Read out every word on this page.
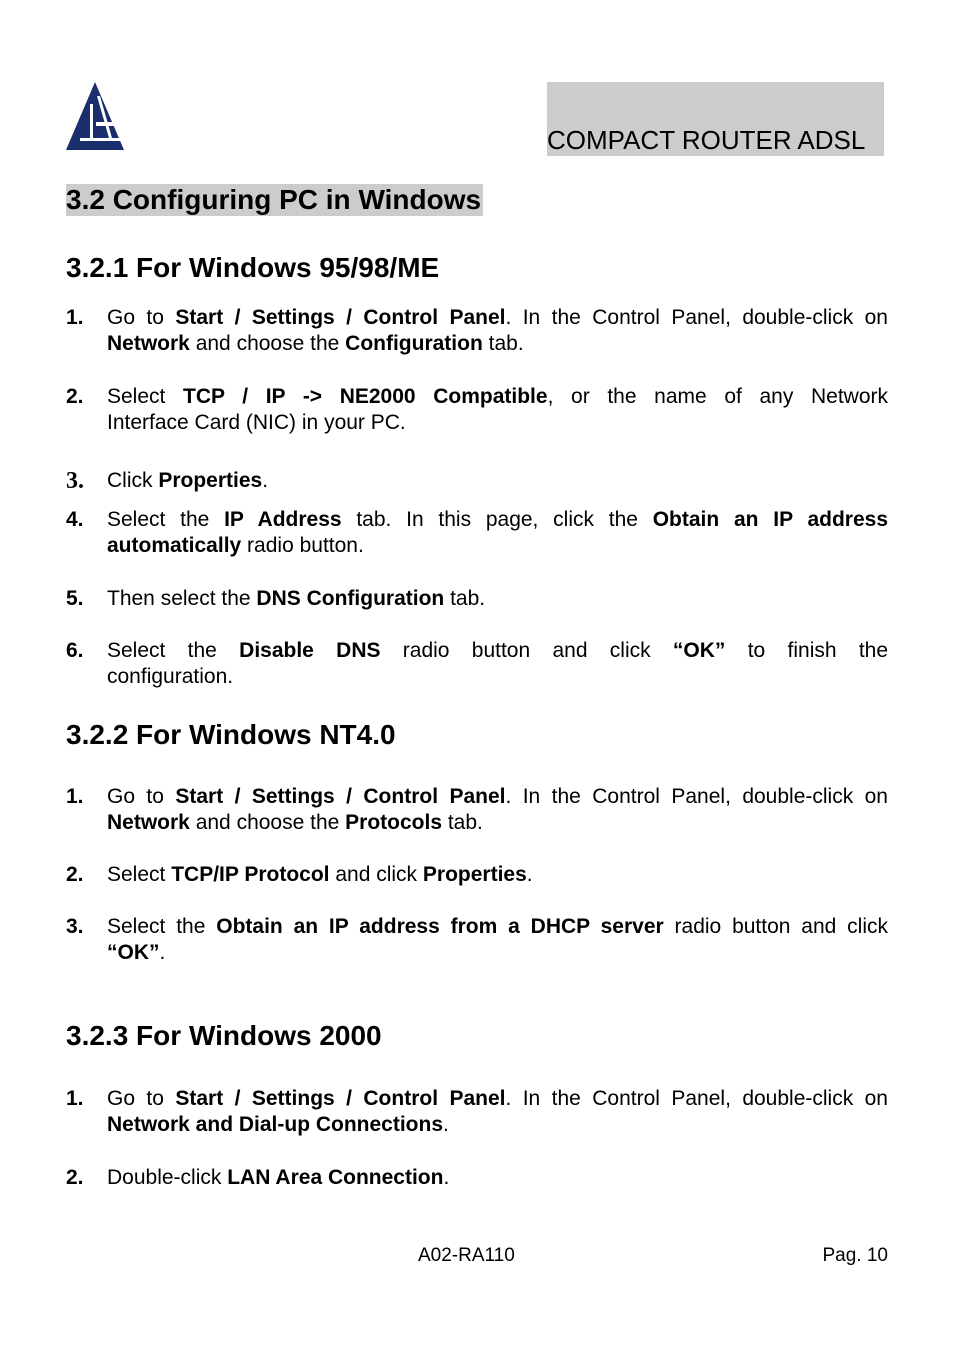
COMPACT ROUTER ADSL
3.2 Configuring PC in Windows
3.2.1 For Windows 95/98/ME
1. Go to Start / Settings / Control Panel. In the Control Panel, double-click on
Network and choose the Configuration tab.
2. Select TCP / IP -> NE2000 Compatible, or the name of any Network
Interface Card (NIC) in your PC.
3. Click Properties.
4. Select the IP Address tab. In this page, click the Obtain an IP address
automatically radio button.
5. Then select the DNS Configuration tab.
6. Select the Disable DNS radio button and click “OK” to finish the
configuration.
3.2.2 For Windows NT4.0
1. Go to Start / Settings / Control Panel. In the Control Panel, double-click on
Network and choose the Protocols tab.
2. Select TCP/IP Protocol and click Properties.
3. Select the Obtain an IP address from a DHCP server radio button and click
“OK”.
3.2.3 For Windows 2000
1. Go to Start / Settings / Control Panel. In the Control Panel, double-click on
Network and Dial-up Connections.
2. Double-click LAN Area Connection.
A02-RA110	Pag. 10
